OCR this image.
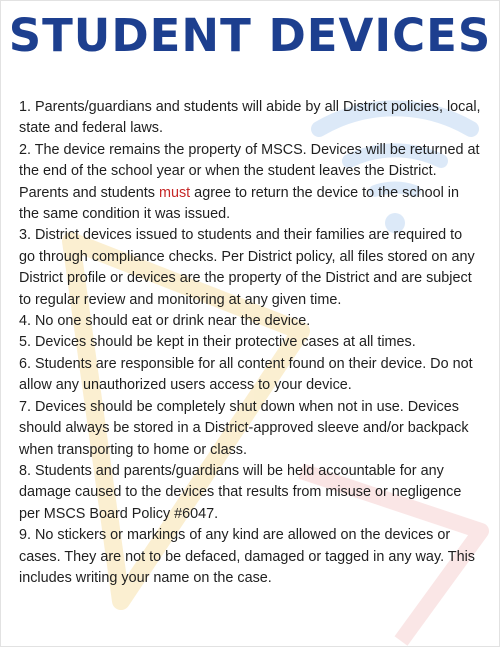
STUDENT DEVICES
1. Parents/guardians and students will abide by all District policies, local, state and federal laws.
2. The device remains the property of MSCS. Devices will be returned at the end of the school year or when the student leaves the District. Parents and students must agree to return the device to the school in the same condition it was issued.
3. District devices issued to students and their families are required to go through compliance checks. Per District policy, all files stored on any District profile or devices are the property of the District and are subject to regular review and monitoring at any given time.
4. No one should eat or drink near the device.
5. Devices should be kept in their protective cases at all times.
6. Students are responsible for all content found on their device. Do not allow any unauthorized users access to your device.
7. Devices should be completely shut down when not in use. Devices should always be stored in a District-approved sleeve and/or backpack when transporting to home or class.
8. Students and parents/guardians will be held accountable for any damage caused to the devices that results from misuse or negligence per MSCS Board Policy #6047.
9. No stickers or markings of any kind are allowed on the devices or cases. They are not to be defaced, damaged or tagged in any way. This includes writing your name on the case.
